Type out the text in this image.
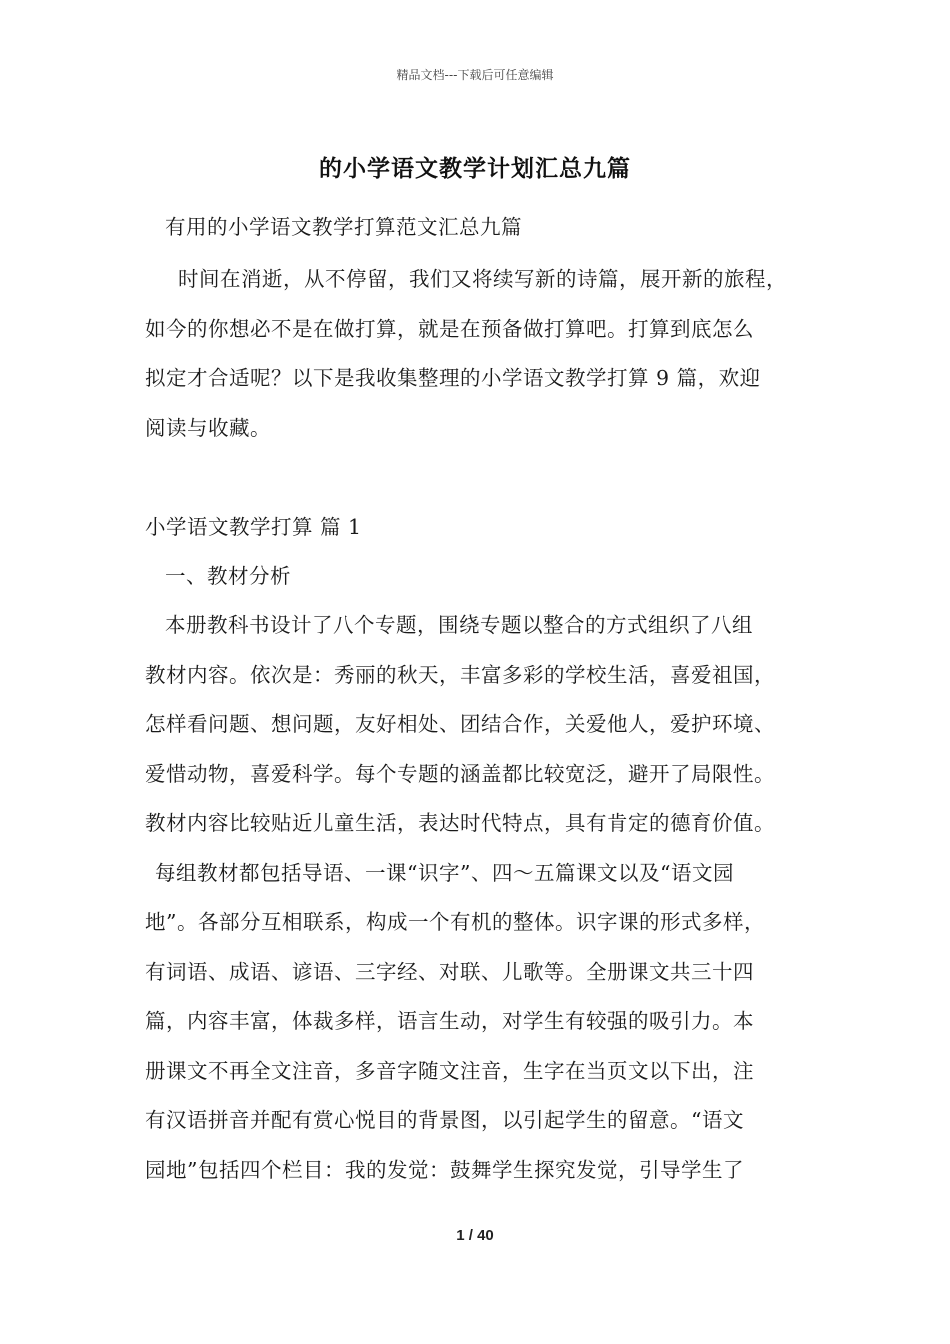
精品文档---下载后可任意编辑
的小学语文教学计划汇总九篇
有用的小学语文教学打算范文汇总九篇
时间在消逝，从不停留，我们又将续写新的诗篇，展开新的旅程，
如今的你想必不是在做打算，就是在预备做打算吧。打算到底怎么
拟定才合适呢？以下是我收集整理的小学语文教学打算 9 篇，欢迎
阅读与收藏。
小学语文教学打算 篇 1
一、教材分析
本册教科书设计了八个专题，围绕专题以整合的方式组织了八组
教材内容。依次是：秀丽的秋天，丰富多彩的学校生活，喜爱祖国，
怎样看问题、想问题，友好相处、团结合作，关爱他人，爱护环境、
爱惜动物，喜爱科学。每个专题的涵盖都比较宽泛，避开了局限性。
教材内容比较贴近儿童生活，表达时代特点，具有肯定的德育价值。
每组教材都包括导语、一课“识字”、四～五篇课文以及“语文园
地”。各部分互相联系，构成一个有机的整体。识字课的形式多样，
有词语、成语、谚语、三字经、对联、儿歌等。全册课文共三十四
篇，内容丰富，体裁多样，语言生动，对学生有较强的吸引力。本
册课文不再全文注音，多音字随文注音，生字在当页文以下出，注
有汉语拼音并配有赏心悦目的背景图，以引起学生的留意。“语文
园地”包括四个栏目：我的发觉：鼓舞学生探究发觉，引导学生了
1 / 40
